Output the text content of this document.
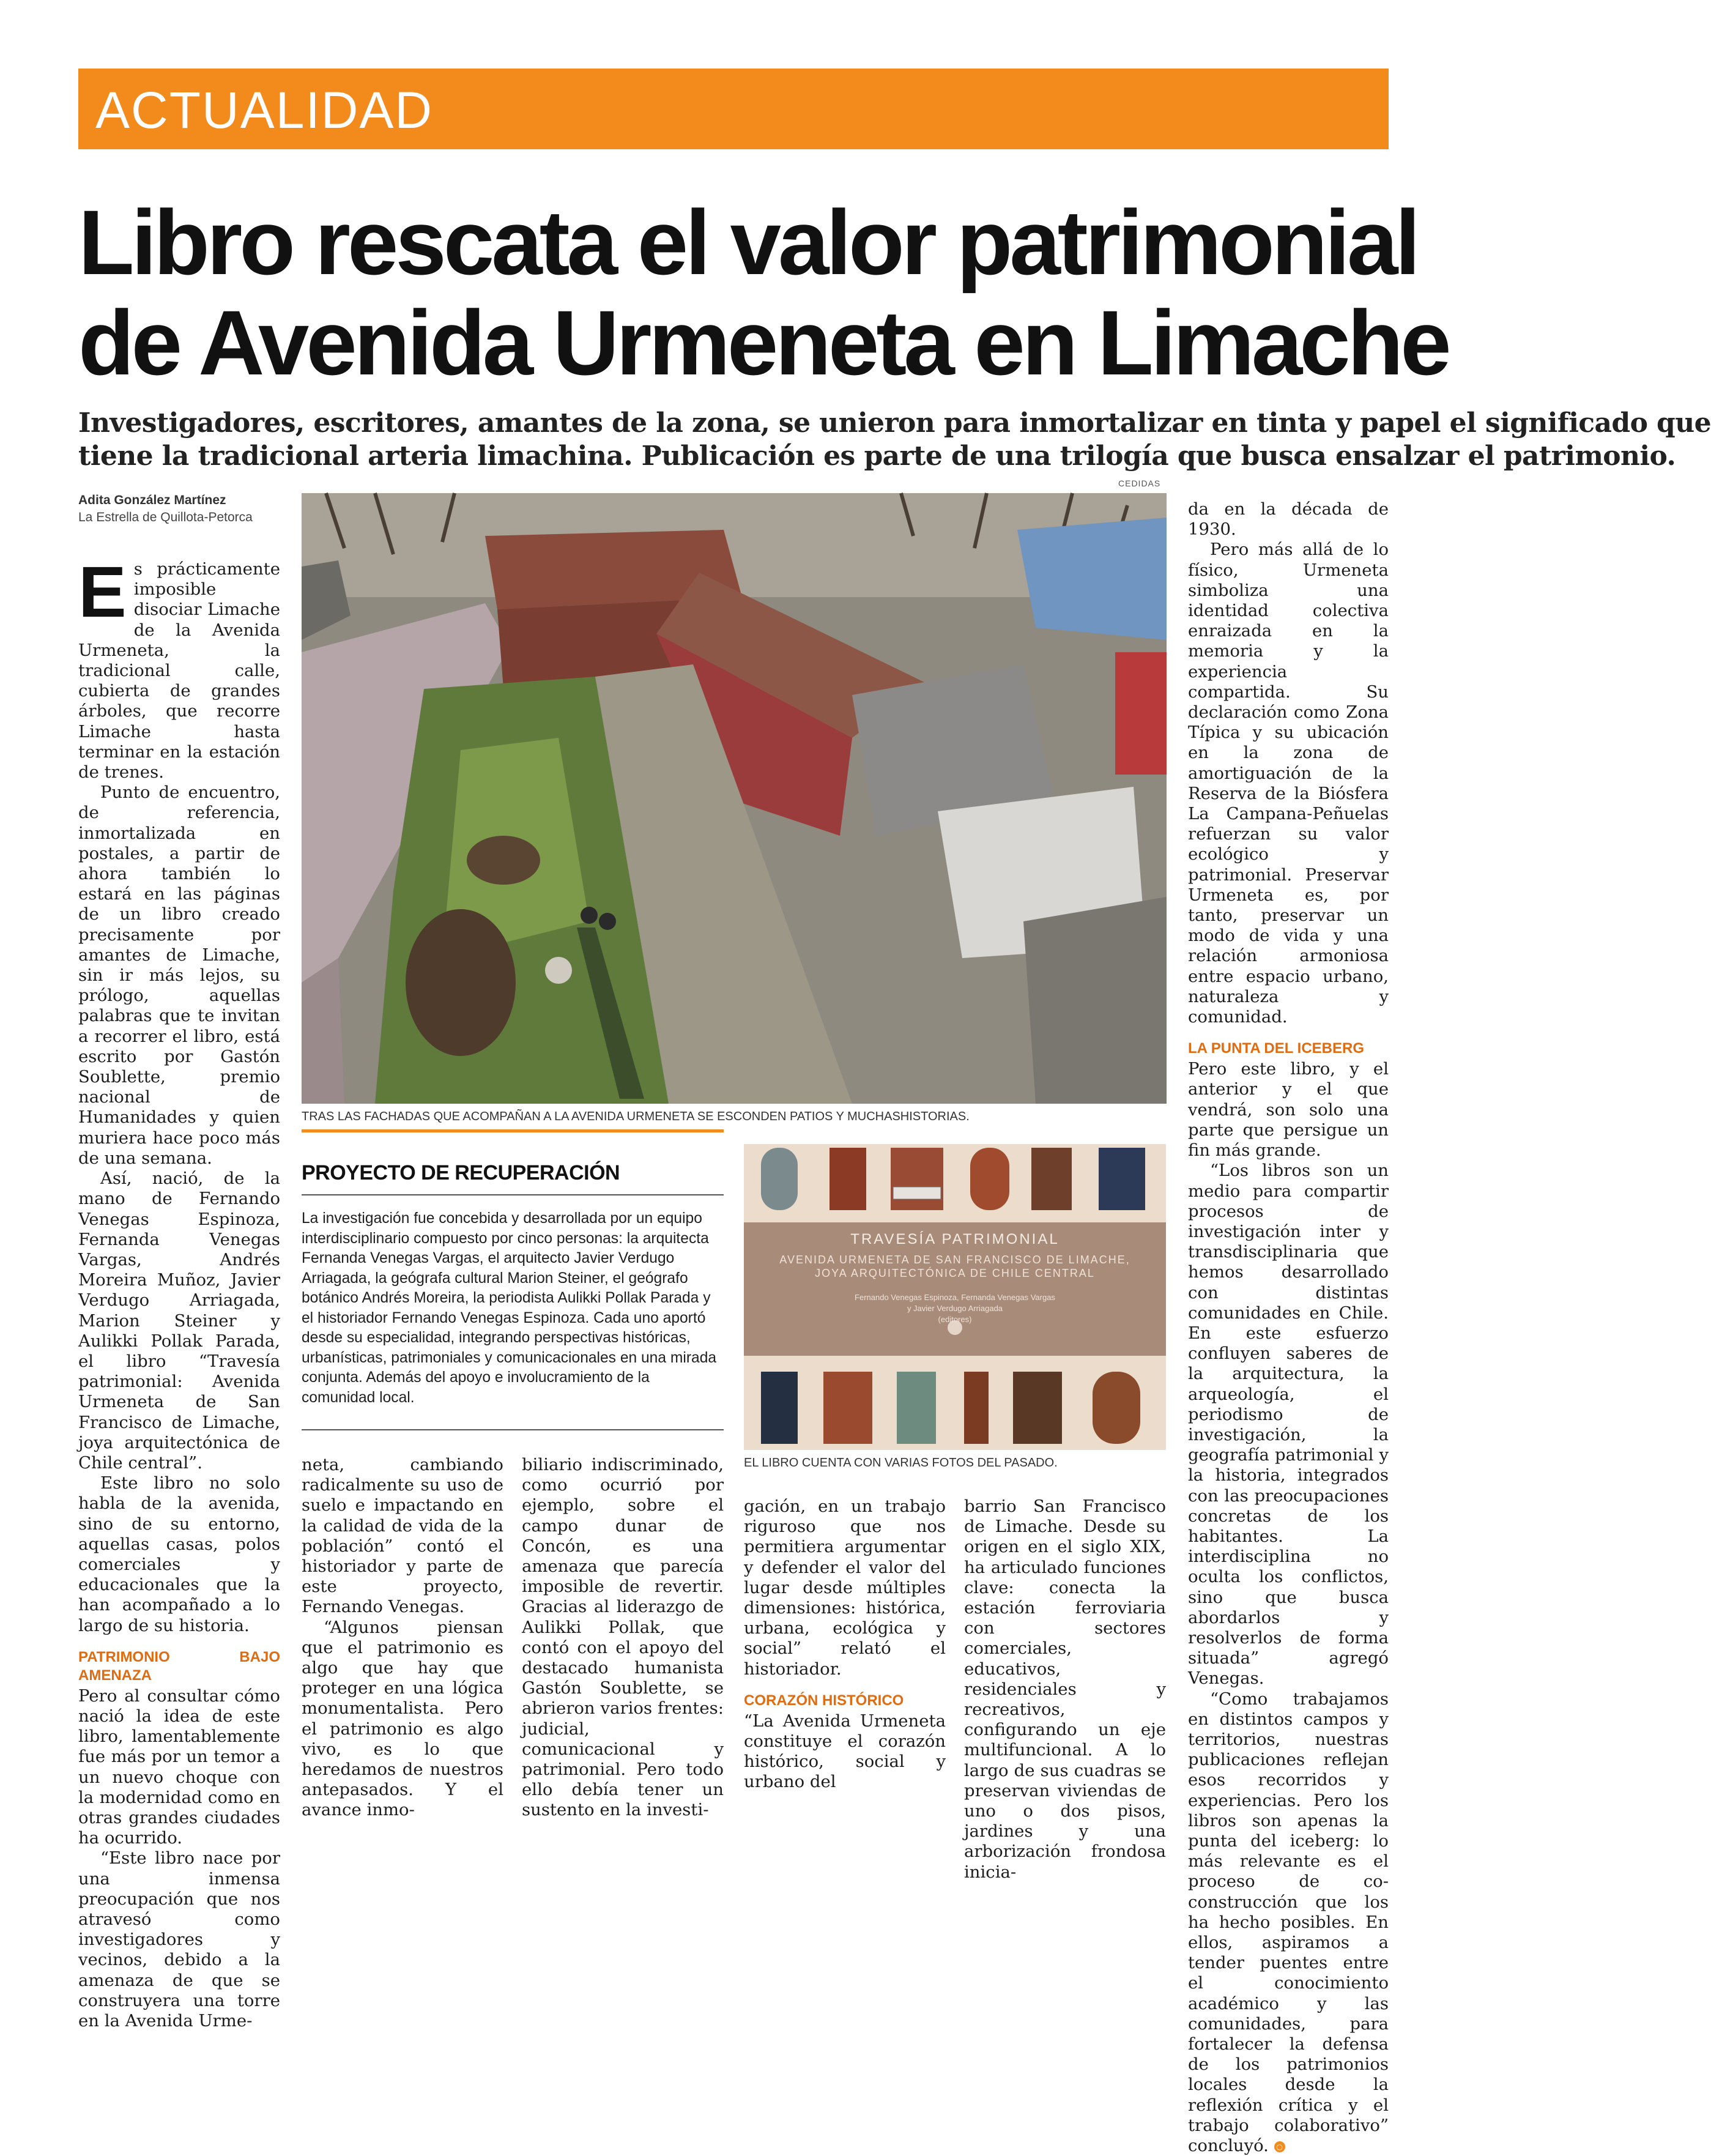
ACTUALIDAD
Libro rescata el valor patrimonial
de Avenida Urmeneta en Limache
Investigadores, escritores, amantes de la zona, se unieron para inmortalizar en tinta y papel el significado que
tiene la tradicional arteria limachina. Publicación es parte de una trilogía que busca ensalzar el patrimonio.
Adita González Martínez
La Estrella de Quillota-Petorca

Es prácticamente imposible disociar Limache de la Avenida Urmeneta, la tradicional calle, cubierta de grandes árboles, que recorre Limache hasta terminar en la estación de trenes.

Punto de encuentro, de referencia, inmortalizada en postales, a partir de ahora también lo estará en las páginas de un libro creado precisamente por amantes de Limache, sin ir más lejos, su prólogo, aquellas palabras que te invitan a recorrer el libro, está escrito por Gastón Soublette, premio nacional de Humanidades y quien muriera hace poco más de una semana.

Así, nació, de la mano de Fernando Venegas Espinoza, Fernanda Venegas Vargas, Andrés Moreira Muñoz, Javier Verdugo Arriagada, Marion Steiner y Aulikki Pollak Parada, el libro “Travesía patrimonial: Avenida Urmeneta de San Francisco de Limache, joya arquitectónica de Chile central”.

Este libro no solo habla de la avenida, sino de su entorno, aquellas casas, polos comerciales y educacionales que la han acompañado a lo largo de su historia.

PATRIMONIO BAJO AMENAZA

Pero al consultar cómo nació la idea de este libro, lamentablemente fue más por un temor a un nuevo choque con la modernidad como en otras grandes ciudades ha ocurrido.

“Este libro nace por una inmensa preocupación que nos atravesó como investigadores y vecinos, debido a la amenaza de que se construyera una torre en la Avenida Urme-

CEDIDAS
TRAS LAS FACHADAS QUE ACOMPAÑAN A LA AVENIDA URMENETA SE ESCONDEN PATIOS Y MUCHASHISTORIAS.
PROYECTO DE RECUPERACIÓN
La investigación fue concebida y desarrollada por un equipo interdisciplinario compuesto por cinco personas: la arquitecta Fernanda Venegas Vargas, el arquitecto Javier Verdugo Arriagada, la geógrafa cultural Marion Steiner, el geógrafo botánico Andrés Moreira, la periodista Aulikki Pollak Parada y el historiador Fernando Venegas Espinoza. Cada uno aportó desde su especialidad, integrando perspectivas históricas, urbanísticas, patrimoniales y comunicacionales en una mirada conjunta. Además del apoyo e involucramiento de la comunidad local.
TRAVESÍA PATRIMONIAL
AVENIDA URMENETA DE SAN FRANCISCO DE LIMACHE,
JOYA ARQUITECTÓNICA DE CHILE CENTRAL
Fernando Venegas Espinoza, Fernanda Venegas Vargas
y Javier Verdugo Arriagada
(editores)
EL LIBRO CUENTA CON VARIAS FOTOS DEL PASADO.

neta, cambiando radicalmente su uso de suelo e impactando en la calidad de vida de la población” contó el historiador y parte de este proyecto, Fernando Venegas.

“Algunos piensan que el patrimonio es algo que hay que proteger en una lógica monumentalista. Pero el patrimonio es algo vivo, es lo que heredamos de nuestros antepasados. Y el avance inmo-

biliario indiscriminado, como ocurrió por ejemplo, sobre el campo dunar de Concón, es una amenaza que parecía imposible de revertir. Gracias al liderazgo de Aulikki Pollak, que contó con el apoyo del destacado humanista Gastón Soublette, se abrieron varios frentes: judicial, comunicacional y patrimonial. Pero todo ello debía tener un sustento en la investi-

gación, en un trabajo riguroso que nos permitiera argumentar y defender el valor del lugar desde múltiples dimensiones: histórica, urbana, ecológica y social” relató el historiador.

CORAZÓN HISTÓRICO

“La Avenida Urmeneta constituye el corazón histórico, social y urbano del

barrio San Francisco de Limache. Desde su origen en el siglo XIX, ha articulado funciones clave: conecta la estación ferroviaria con sectores comerciales, educativos, residenciales y recreativos, configurando un eje multifuncional. A lo largo de sus cuadras se preservan viviendas de uno o dos pisos, jardines y una arborización frondosa inicia-

da en la década de 1930.

Pero más allá de lo físico, Urmeneta simboliza una identidad colectiva enraizada en la memoria y la experiencia compartida. Su declaración como Zona Típica y su ubicación en la zona de amortiguación de la Reserva de la Biósfera La Campana-Peñuelas refuerzan su valor ecológico y patrimonial. Preservar Urmeneta es, por tanto, preservar un modo de vida y una relación armoniosa entre espacio urbano, naturaleza y comunidad.

LA PUNTA DEL ICEBERG

Pero este libro, y el anterior y el que vendrá, son solo una parte que persigue un fin más grande.

“Los libros son un medio para compartir procesos de investigación inter y transdisciplinaria que hemos desarrollado con distintas comunidades en Chile. En este esfuerzo confluyen saberes de la arquitectura, la arqueología, el periodismo de investigación, la geografía patrimonial y la historia, integrados con las preocupaciones concretas de los habitantes. La interdisciplina no oculta los conflictos, sino que busca abordarlos y resolverlos de forma situada” agregó Venegas.

“Como trabajamos en distintos campos y territorios, nuestras publicaciones reflejan esos recorridos y experiencias. Pero los libros son apenas la punta del iceberg: lo más relevante es el proceso de co-construcción que los ha hecho posibles. En ellos, aspiramos a tender puentes entre el conocimiento académico y las comunidades, para fortalecer la defensa de los patrimonios locales desde la reflexión crítica y el trabajo colaborativo” concluyó. ○
